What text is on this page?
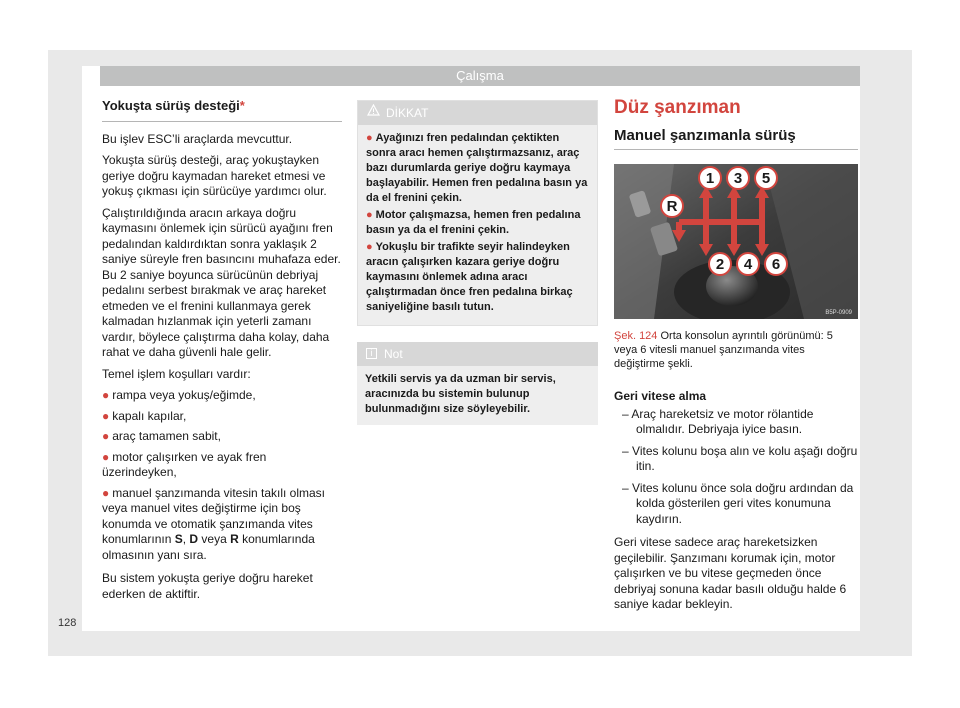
Çalışma
Yokuşta sürüş desteği*

Bu işlev ESC’li araçlarda mevcuttur.

Yokuşta sürüş desteği, araç yokuştayken geriye doğru kaymadan hareket etmesi ve yokuş çıkması için sürücüye yardımcı olur.

Çalıştırıldığında aracın arkaya doğru kaymasını önlemek için sürücü ayağını fren pedalından kaldırdıktan sonra yaklaşık 2 saniye süreyle fren basıncını muhafaza eder. Bu 2 saniye boyunca sürücünün debriyaj pedalını serbest bırakmak ve araç hareket etmeden ve el frenini kullanmaya gerek kalmadan hızlanmak için yeterli zamanı vardır, böylece çalıştırma daha kolay, daha rahat ve daha güvenli hale gelir.

Temel işlem koşulları vardır:

● rampa veya yokuş/eğimde,
● kapalı kapılar,
● araç tamamen sabit,
● motor çalışırken ve ayak fren üzerindeyken,
● manuel şanzımanda vitesin takılı olması veya manuel vites değiştirme için boş konumda ve otomatik şanzımanda vites konumlarının S, D veya R konumlarında olmasının yanı sıra.

Bu sistem yokuşta geriye doğru hareket ederken de aktiftir.

DİKKAT
● Ayağınızı fren pedalından çektikten sonra aracı hemen çalıştırmazsanız, araç bazı durumlarda geriye doğru kaymaya başlayabilir. Hemen fren pedalına basın ya da el frenini çekin.
● Motor çalışmazsa, hemen fren pedalına basın ya da el frenini çekin.
● Yokuşlu bir trafikte seyir halindeyken aracın çalışırken kazara geriye doğru kaymasını önlemek adına aracı çalıştırmadan önce fren pedalına birkaç saniyeliğine basılı tutun.
i Not
Yetkili servis ya da uzman bir servis, aracınızda bu sistemin bulunup bulunmadığını size söyleyebilir.
Düz şanzıman
Manuel şanzımanla sürüş
1 3 5
R
2 4 6
B5P-0909
Şek. 124 Orta konsolun ayrıntılı görünümü: 5 veya 6 vitesli manuel şanzımanda vites değiştirme şekli.
Geri vitese alma
– Araç hareketsiz ve motor rölantide olmalıdır. Debriyaja iyice basın.
– Vites kolunu boşa alın ve kolu aşağı doğru itin.
– Vites kolunu önce sola doğru ardından da kolda gösterilen geri vites konumuna kaydırın.

Geri vitese sadece araç hareketsizken geçilebilir. Şanzımanı korumak için, motor çalışırken ve bu vitese geçmeden önce debriyaj sonuna kadar basılı olduğu halde 6 saniye kadar bekleyin.

128
